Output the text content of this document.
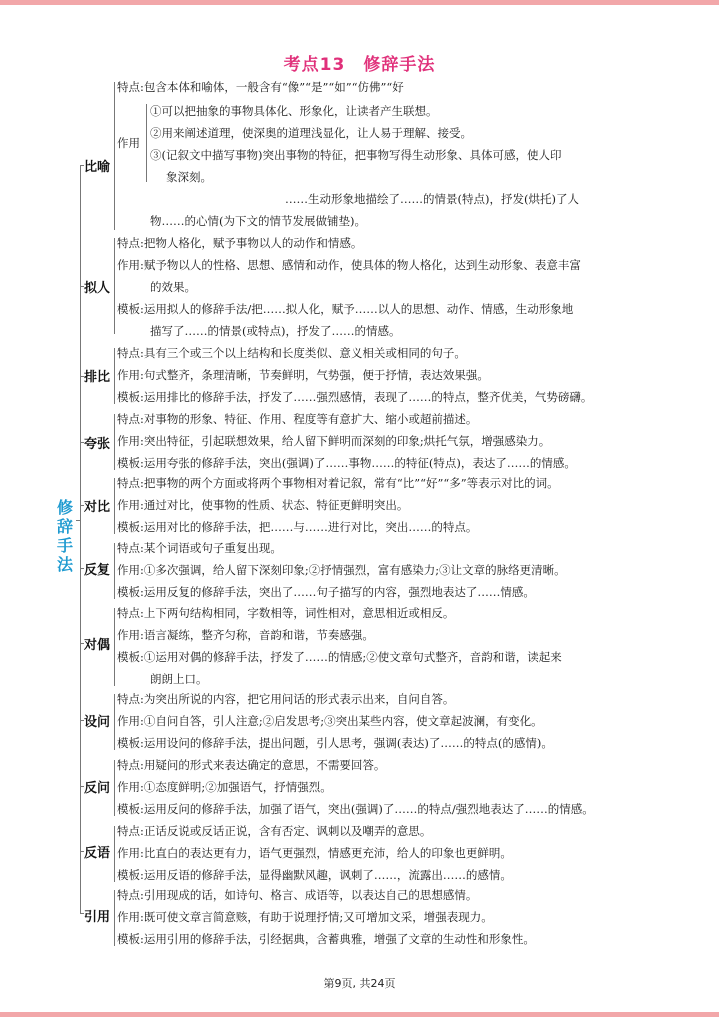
考点13　修辞手法
修辞手法
比喻
特点:包含本体和喻体，一般含有“像”“是”“如”“仿佛”“好
作用
①可以把抽象的事物具体化、形象化，让读者产生联想。
②用来阐述道理，使深奥的道理浅显化，让人易于理解、接受。
③(记叙文中描写事物)突出事物的特征，把事物写得生动形象、具体可感，使人印
象深刻。
……生动形象地描绘了……的情景(特点)，抒发(烘托)了人
物……的心情(为下文的情节发展做铺垫)。
拟人
特点:把物人格化，赋予事物以人的动作和情感。
作用:赋予物以人的性格、思想、感情和动作，使具体的物人格化，达到生动形象、表意丰富
的效果。
模板:运用拟人的修辞手法/把……拟人化，赋予……以人的思想、动作、情感，生动形象地
描写了……的情景(或特点)，抒发了……的情感。
排比
特点:具有三个或三个以上结构和长度类似、意义相关或相同的句子。
作用:句式整齐，条理清晰，节奏鲜明，气势强，便于抒情，表达效果强。
模板:运用排比的修辞手法，抒发了……强烈感情，表现了……的特点，整齐优美，气势磅礴。
夸张
特点:对事物的形象、特征、作用、程度等有意扩大、缩小或超前描述。
作用:突出特征，引起联想效果，给人留下鲜明而深刻的印象;烘托气氛，增强感染力。
模板:运用夸张的修辞手法，突出(强调)了……事物……的特征(特点)，表达了……的情感。
对比
特点:把事物的两个方面或将两个事物相对着记叙，常有“比”“好”“多”等表示对比的词。
作用:通过对比，使事物的性质、状态、特征更鲜明突出。
模板:运用对比的修辞手法，把……与……进行对比，突出……的特点。
反复
特点:某个词语或句子重复出现。
作用:①多次强调，给人留下深刻印象;②抒情强烈，富有感染力;③让文章的脉络更清晰。
模板:运用反复的修辞手法，突出了……句子描写的内容，强烈地表达了……情感。
对偶
特点:上下两句结构相同，字数相等，词性相对，意思相近或相反。
作用:语言凝练，整齐匀称，音韵和谐，节奏感强。
模板:①运用对偶的修辞手法，抒发了……的情感;②使文章句式整齐，音韵和谐，读起来
朗朗上口。
设问
特点:为突出所说的内容，把它用问话的形式表示出来，自问自答。
作用:①自问自答，引人注意;②启发思考;③突出某些内容，使文章起波澜，有变化。
模板:运用设问的修辞手法，提出问题，引人思考，强调(表达)了……的特点(的感情)。
反问
特点:用疑问的形式来表达确定的意思，不需要回答。
作用:①态度鲜明;②加强语气，抒情强烈。
模板:运用反问的修辞手法，加强了语气，突出(强调)了……的特点/强烈地表达了……的情感。
反语
特点:正话反说或反话正说，含有否定、讽刺以及嘲弄的意思。
作用:比直白的表达更有力，语气更强烈，情感更充沛，给人的印象也更鲜明。
模板:运用反语的修辞手法，显得幽默风趣，讽刺了……，流露出……的感情。
引用
特点:引用现成的话，如诗句、格言、成语等，以表达自己的思想感情。
作用:既可使文章言简意赅，有助于说理抒情;又可增加文采，增强表现力。
模板:运用引用的修辞手法，引经据典，含蓄典雅，增强了文章的生动性和形象性。
第9页, 共24页
